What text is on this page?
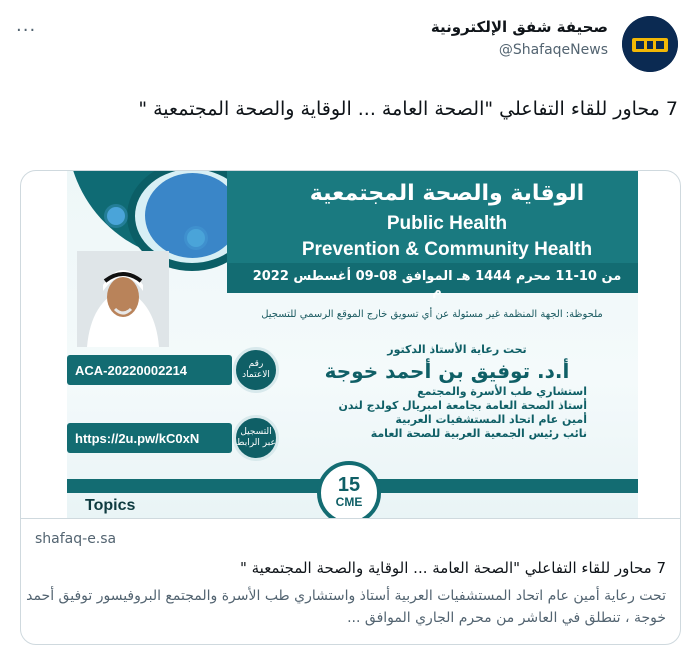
···	صحيفة شفق الإلكترونية
@ShafaqeNews
7 محاور للقاء التفاعلي "الصحة العامة ... الوقاية والصحة المجتمعية "
الوقاية والصحة المجتمعية
Public Health
Prevention & Community Health
من 10-11 محرم 1444 هـ الموافق 08-09 أغسطس 2022 م
ملحوظة: الجهة المنظمة غير مسئولة عن أي تسويق خارج الموقع الرسمي للتسجيل
ACA-20220002214	رقم الاعتماد
https://2u.pw/kC0xN	التسجيل عبر الرابط
تحت رعاية الأستاذ الدكتور
أ.د. توفيق بن أحمد خوجة
استشاري طب الأسرة والمجتمع
أستاذ الصحة العامة بجامعة امبريال كولدج لندن
أمين عام اتحاد المستشفيات العربية
نائب رئيس الجمعية العربية للصحة العامة
15
CME
Topics
shafaq-e.sa
7 محاور للقاء التفاعلي "الصحة العامة ... الوقاية والصحة المجتمعية "
تحت رعاية أمين عام اتحاد المستشفيات العربية أستاذ واستشاري طب الأسرة والمجتمع البروفيسور توفيق أحمد خوجة ، تنطلق في العاشر من محرم الجاري الموافق ...
